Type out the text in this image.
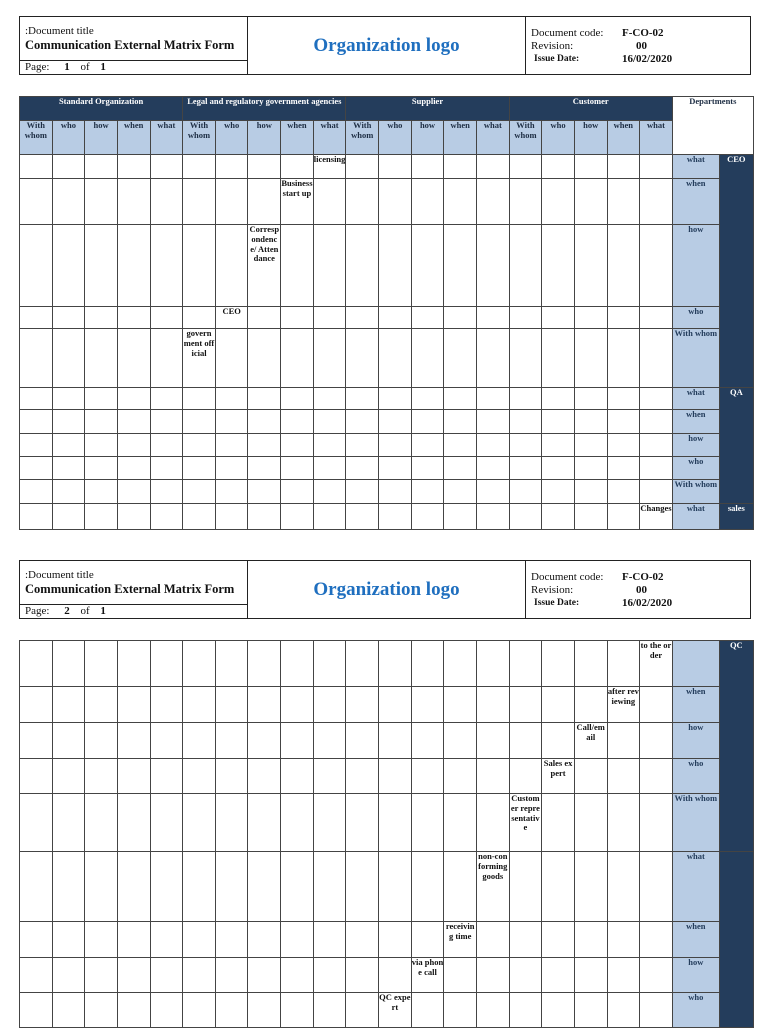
:Document title
Communication External Matrix Form
Page: 1 of 1
Organization logo
Document code: F-CO-02
Revision:	00
Issue Date:	16/02/2020
Standard Organization					Legal and regulatory government agencies					Supplier					Customer					Departments	
With whom	who	how	when	what	With whom	who	how	when	what	With whom	who	how	when	what	With whom	who	how	when	what		

									licensing											what	CEO

								Business start up												when	

							Correspondence/ Attendance													how	

						CEO														who	

					government official															With whom	
																				what	QA
																				when	
																				how	
																				who	
																				With whom	

																			Changes	what	sales
:Document title
Communication External Matrix Form
Page: 2 of 1
Organization logo
Document code: F-CO-02
Revision:	00
Issue Date:	16/02/2020

																			to the order		QC

																		after reviewing		when	

																	Call/email			how	

																Sales expert				who	

															Customer representative					With whom	

														non-conforming goods						what	

													receiving time							when	

												via phone call								how	

											QC expert									who	
